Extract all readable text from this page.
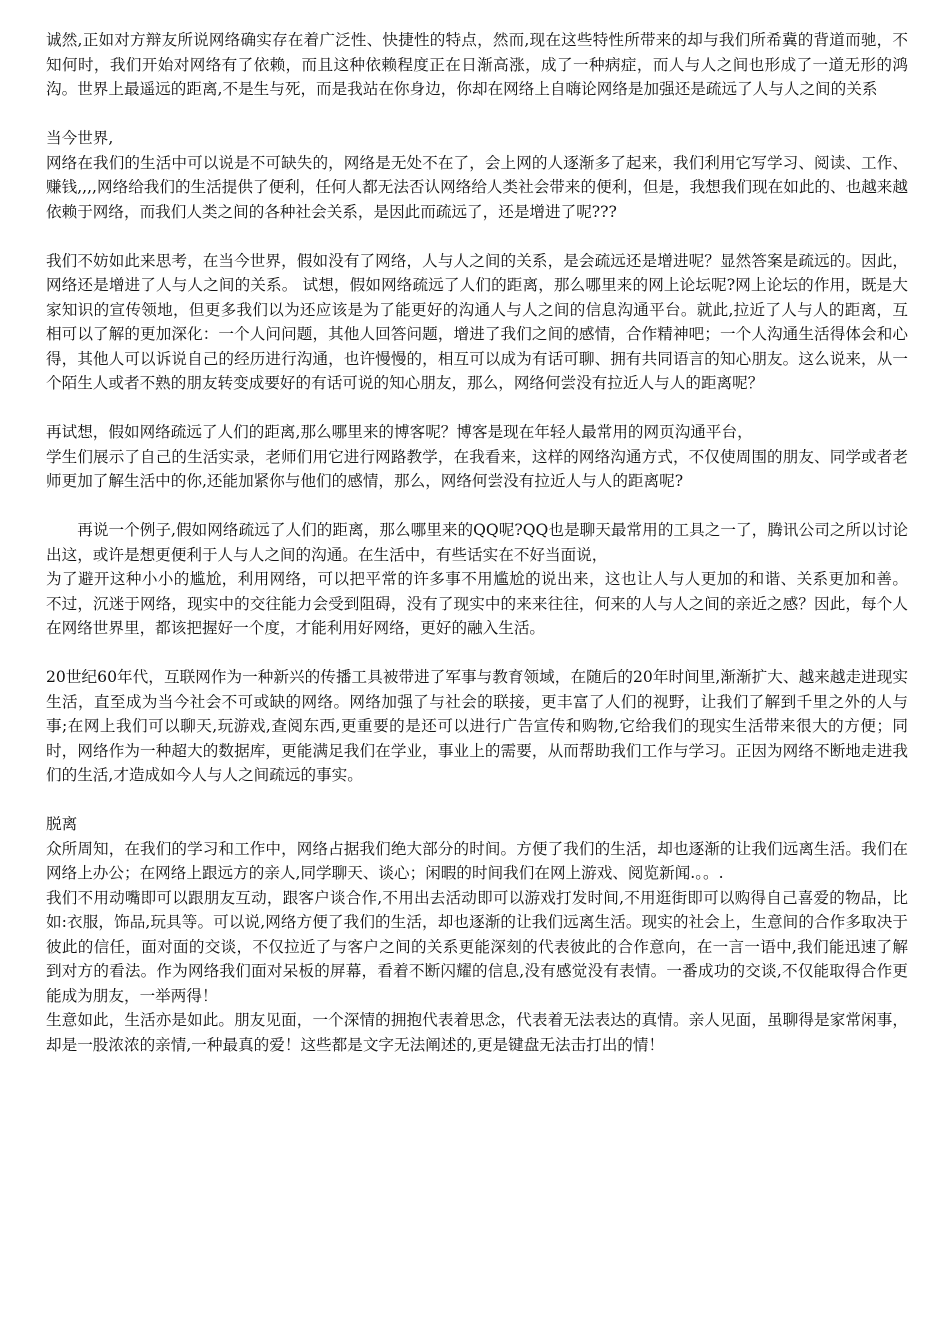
诚然,正如对方辩友所说网络确实存在着广泛性、快捷性的特点，然而,现在这些特性所带来的却与我们所希冀的背道而驰，不知何时，我们开始对网络有了依赖，而且这种依赖程度正在日渐高涨，成了一种病症，而人与人之间也形成了一道无形的鸿沟。世界上最遥远的距离,不是生与死，而是我站在你身边，你却在网络上自嗨论网络是加强还是疏远了人与人之间的关系

当今世界,
网络在我们的生活中可以说是不可缺失的，网络是无处不在了，会上网的人逐渐多了起来，我们利用它写学习、阅读、工作、赚钱,,,,网络给我们的生活提供了便利，任何人都无法否认网络给人类社会带来的便利，但是，我想我们现在如此的、也越来越依赖于网络，而我们人类之间的各种社会关系，是因此而疏远了，还是增进了呢???

我们不妨如此来思考，在当今世界，假如没有了网络，人与人之间的关系，是会疏远还是增进呢？显然答案是疏远的。因此，网络还是增进了人与人之间的关系。 试想，假如网络疏远了人们的距离，那么哪里来的网上论坛呢?网上论坛的作用，既是大家知识的宣传领地，但更多我们以为还应该是为了能更好的沟通人与人之间的信息沟通平台。就此,拉近了人与人的距离，互相可以了解的更加深化：一个人问问题，其他人回答问题，增进了我们之间的感情，合作精神吧；一个人沟通生活得体会和心得，其他人可以诉说自己的经历进行沟通，也许慢慢的，相互可以成为有话可聊、拥有共同语言的知心朋友。这么说来，从一个陌生人或者不熟的朋友转变成要好的有话可说的知心朋友，那么，网络何尝没有拉近人与人的距离呢？

再试想，假如网络疏远了人们的距离,那么哪里来的博客呢？博客是现在年轻人最常用的网页沟通平台，
学生们展示了自己的生活实录，老师们用它进行网路教学，在我看来，这样的网络沟通方式，不仅使周围的朋友、同学或者老师更加了解生活中的你,还能加紧你与他们的感情，那么，网络何尝没有拉近人与人的距离呢?

再说一个例子,假如网络疏远了人们的距离，那么哪里来的QQ呢?QQ也是聊天最常用的工具之一了，腾讯公司之所以讨论出这，或许是想更便利于人与人之间的沟通。在生活中，有些话实在不好当面说，
为了避开这种小小的尴尬，利用网络，可以把平常的许多事不用尴尬的说出来，这也让人与人更加的和谐、关系更加和善。 不过，沉迷于网络，现实中的交往能力会受到阻碍，没有了现实中的来来往往，何来的人与人之间的亲近之感？因此，每个人在网络世界里，都该把握好一个度，才能利用好网络，更好的融入生活。

20世纪60年代，互联网作为一种新兴的传播工具被带进了军事与教育领域，在随后的20年时间里,渐渐扩大、越来越走进现实生活，直至成为当今社会不可或缺的网络。网络加强了与社会的联接，更丰富了人们的视野，让我们了解到千里之外的人与事;在网上我们可以聊天,玩游戏,查阅东西,更重要的是还可以进行广告宣传和购物,它给我们的现实生活带来很大的方便；同时，网络作为一种超大的数据库，更能满足我们在学业，事业上的需要，从而帮助我们工作与学习。正因为网络不断地走进我们的生活,才造成如今人与人之间疏远的事实。

脱离
众所周知，在我们的学习和工作中，网络占据我们绝大部分的时间。方便了我们的生活，却也逐渐的让我们远离生活。我们在网络上办公；在网络上跟远方的亲人,同学聊天、谈心；闲暇的时间我们在网上游戏、阅览新闻.。。.
我们不用动嘴即可以跟朋友互动，跟客户谈合作,不用出去活动即可以游戏打发时间,不用逛街即可以购得自己喜爱的物品，比如:衣服，饰品,玩具等。可以说,网络方便了我们的生活，却也逐渐的让我们远离生活。现实的社会上，生意间的合作多取决于彼此的信任，面对面的交谈，不仅拉近了与客户之间的关系更能深刻的代表彼此的合作意向，在一言一语中,我们能迅速了解到对方的看法。作为网络我们面对呆板的屏幕，看着不断闪耀的信息,没有感觉没有表情。一番成功的交谈,不仅能取得合作更能成为朋友，一举两得！
生意如此，生活亦是如此。朋友见面，一个深情的拥抱代表着思念，代表着无法表达的真情。亲人见面，虽聊得是家常闲事，却是一股浓浓的亲情,一种最真的爱！这些都是文字无法阐述的,更是键盘无法击打出的情！
